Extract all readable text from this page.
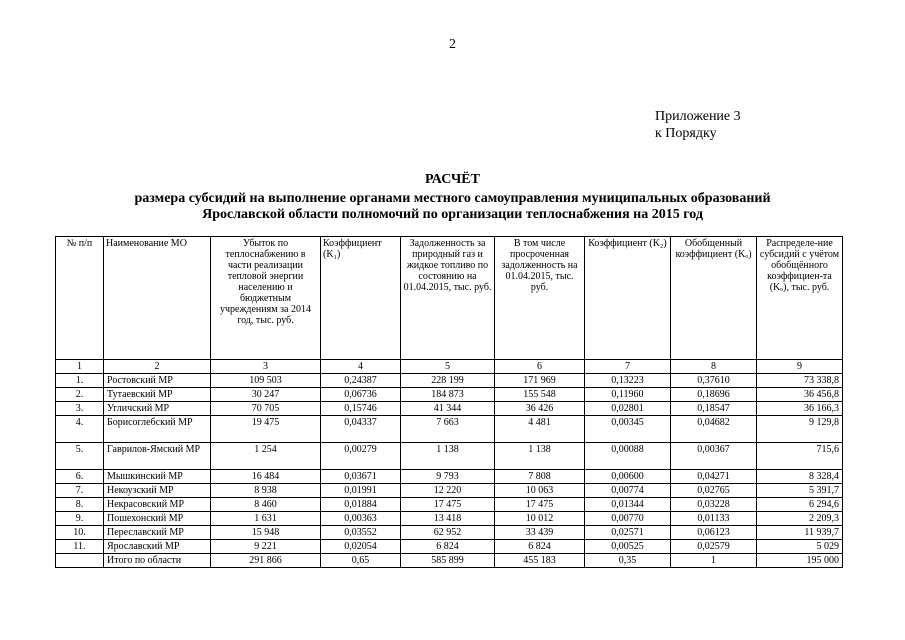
2
Приложение 3
к Порядку
РАСЧЁТ
размера субсидий на выполнение органами местного самоуправления муниципальных образований
Ярославской области полномочий по организации теплоснабжения на 2015 год
№ п/п	Наименование МО	Убыток по теплоснабжению в части реализации тепловой энергии населению и бюджетным учреждениям за 2014 год, тыс. руб.	Коэффициент (K₁)	Задолженность за природный газ и жидкое топливо по состоянию на 01.04.2015, тыс. руб.	В том числе просроченная задолженность на 01.04.2015, тыс. руб.	Коэффициент (K₂)	Обобщенный коэффициент (Kₒ)	Распределе-ние субсидий с учётом обобщённого коэффициен-та (Kₒ), тыс. руб.
1	2	3	4	5	6	7	8	9
1.	Ростовский МР	109 503	0,24387	228 199	171 969	0,13223	0,37610	73 338,8
2.	Тутаевский МР	30 247	0,06736	184 873	155 548	0,11960	0,18696	36 456,8
3.	Угличский МР	70 705	0,15746	41 344	36 426	0,02801	0,18547	36 166,3
4.	Борисоглебский МР	19 475	0,04337	7 663	4 481	0,00345	0,04682	9 129,8
5.	Гаврилов-Ямский МР	1 254	0,00279	1 138	1 138	0,00088	0,00367	715,6
6.	Мышкинский МР	16 484	0,03671	9 793	7 808	0,00600	0,04271	8 328,4
7.	Некоузский МР	8 938	0,01991	12 220	10 063	0,00774	0,02765	5 391,7
8.	Некрасовский МР	8 460	0,01884	17 475	17 475	0,01344	0,03228	6 294,6
9.	Пошехонский МР	1 631	0,00363	13 418	10 012	0,00770	0,01133	2 209,3
10.	Переславский МР	15 948	0,03552	62 952	33 439	0,02571	0,06123	11 939,7
11.	Ярославский МР	9 221	0,02054	6 824	6 824	0,00525	0,02579	5 029
	Итого по области	291 866	0,65	585 899	455 183	0,35	1	195 000
